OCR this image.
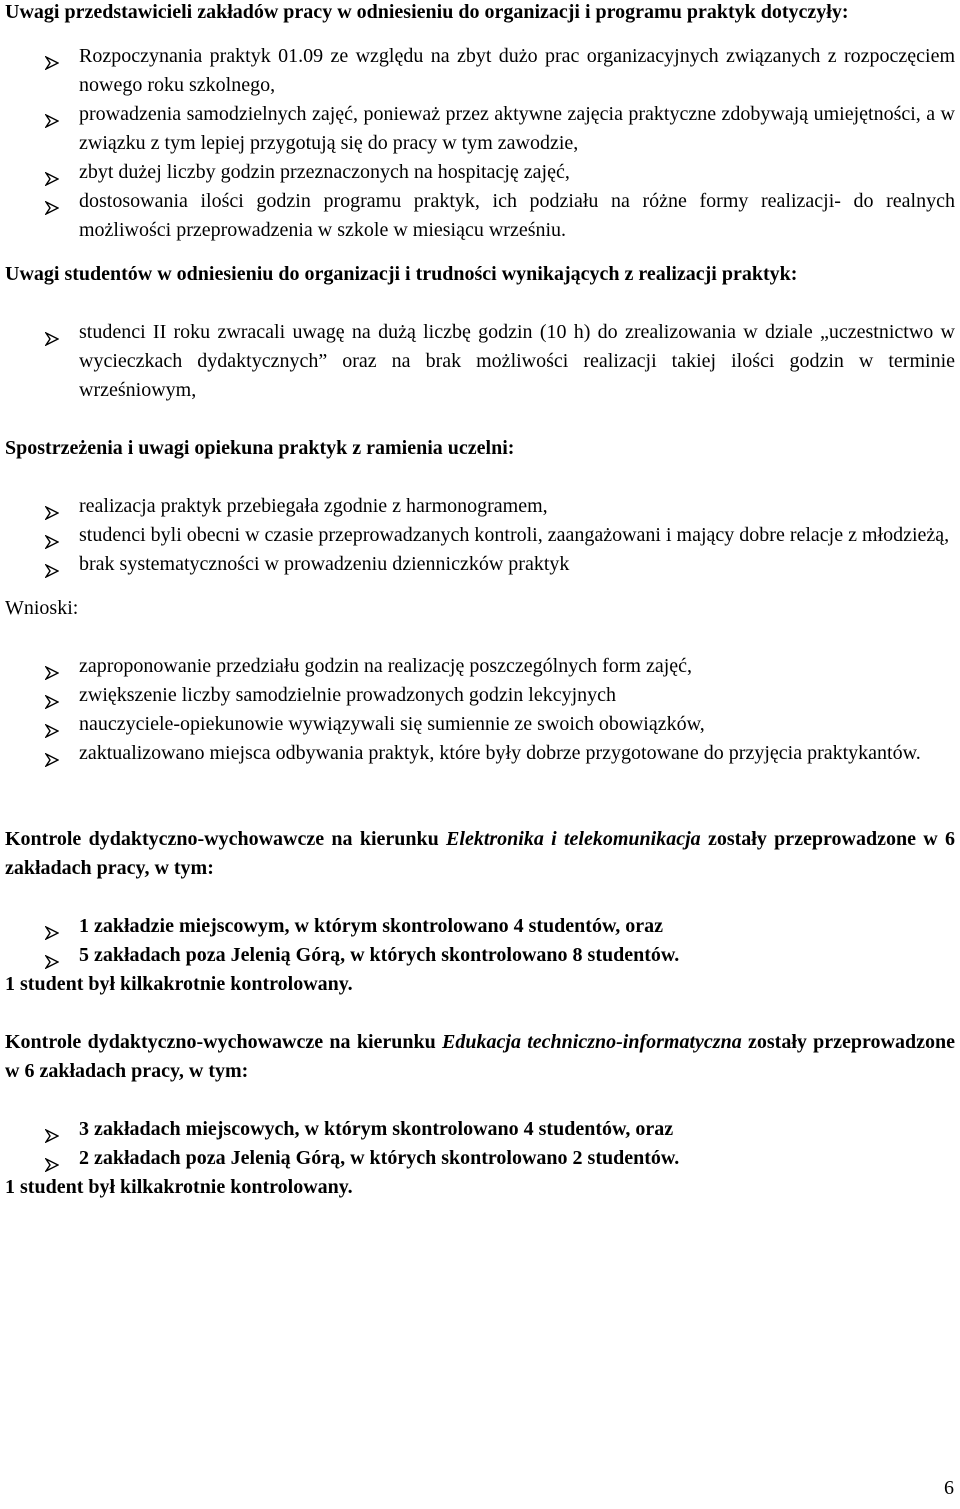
Uwagi przedstawicieli zakładów pracy w odniesieniu do organizacji i programu praktyk dotyczyły:

Rozpoczynania praktyk 01.09 ze względu na zbyt dużo prac organizacyjnych związanych z rozpoczęciem nowego roku szkolnego,
prowadzenia samodzielnych zajęć, ponieważ przez aktywne zajęcia praktyczne zdobywają umiejętności, a w związku z tym lepiej przygotują się do pracy w tym zawodzie,
zbyt dużej liczby godzin przeznaczonych na hospitację zajęć,
dostosowania ilości godzin programu praktyk, ich podziału na różne formy realizacji- do realnych możliwości przeprowadzenia w szkole w miesiącu wrześniu.

Uwagi studentów w odniesieniu do organizacji i trudności wynikających z realizacji praktyk:

studenci II roku zwracali uwagę na dużą liczbę godzin (10 h) do zrealizowania w dziale „uczestnictwo w wycieczkach dydaktycznych” oraz na brak możliwości realizacji takiej ilości godzin w terminie wrześniowym,

Spostrzeżenia i uwagi opiekuna praktyk z ramienia uczelni:

realizacja praktyk przebiegała zgodnie z harmonogramem,
studenci byli obecni w czasie przeprowadzanych kontroli, zaangażowani i mający dobre relacje z młodzieżą,
brak systematyczności w prowadzeniu dzienniczków praktyk

Wnioski:

zaproponowanie przedziału godzin na realizację poszczególnych form zajęć,
zwiększenie liczby samodzielnie prowadzonych godzin lekcyjnych
nauczyciele-opiekunowie wywiązywali się sumiennie ze swoich obowiązków,
zaktualizowano miejsca odbywania praktyk, które były dobrze przygotowane do przyjęcia praktykantów.

Kontrole dydaktyczno-wychowawcze na kierunku Elektronika i telekomunikacja zostały przeprowadzone w 6 zakładach pracy, w tym:

1 zakładzie miejscowym, w którym skontrolowano 4 studentów, oraz
5 zakładach poza Jelenią Górą, w których skontrolowano 8 studentów.

1 student był kilkakrotnie kontrolowany.

Kontrole dydaktyczno-wychowawcze na kierunku Edukacja techniczno-informatyczna zostały przeprowadzone w 6 zakładach pracy, w tym:

3 zakładach miejscowych, w którym skontrolowano 4 studentów, oraz
2 zakładach poza Jelenią Górą, w których skontrolowano 2 studentów.

1 student był kilkakrotnie kontrolowany.

6
